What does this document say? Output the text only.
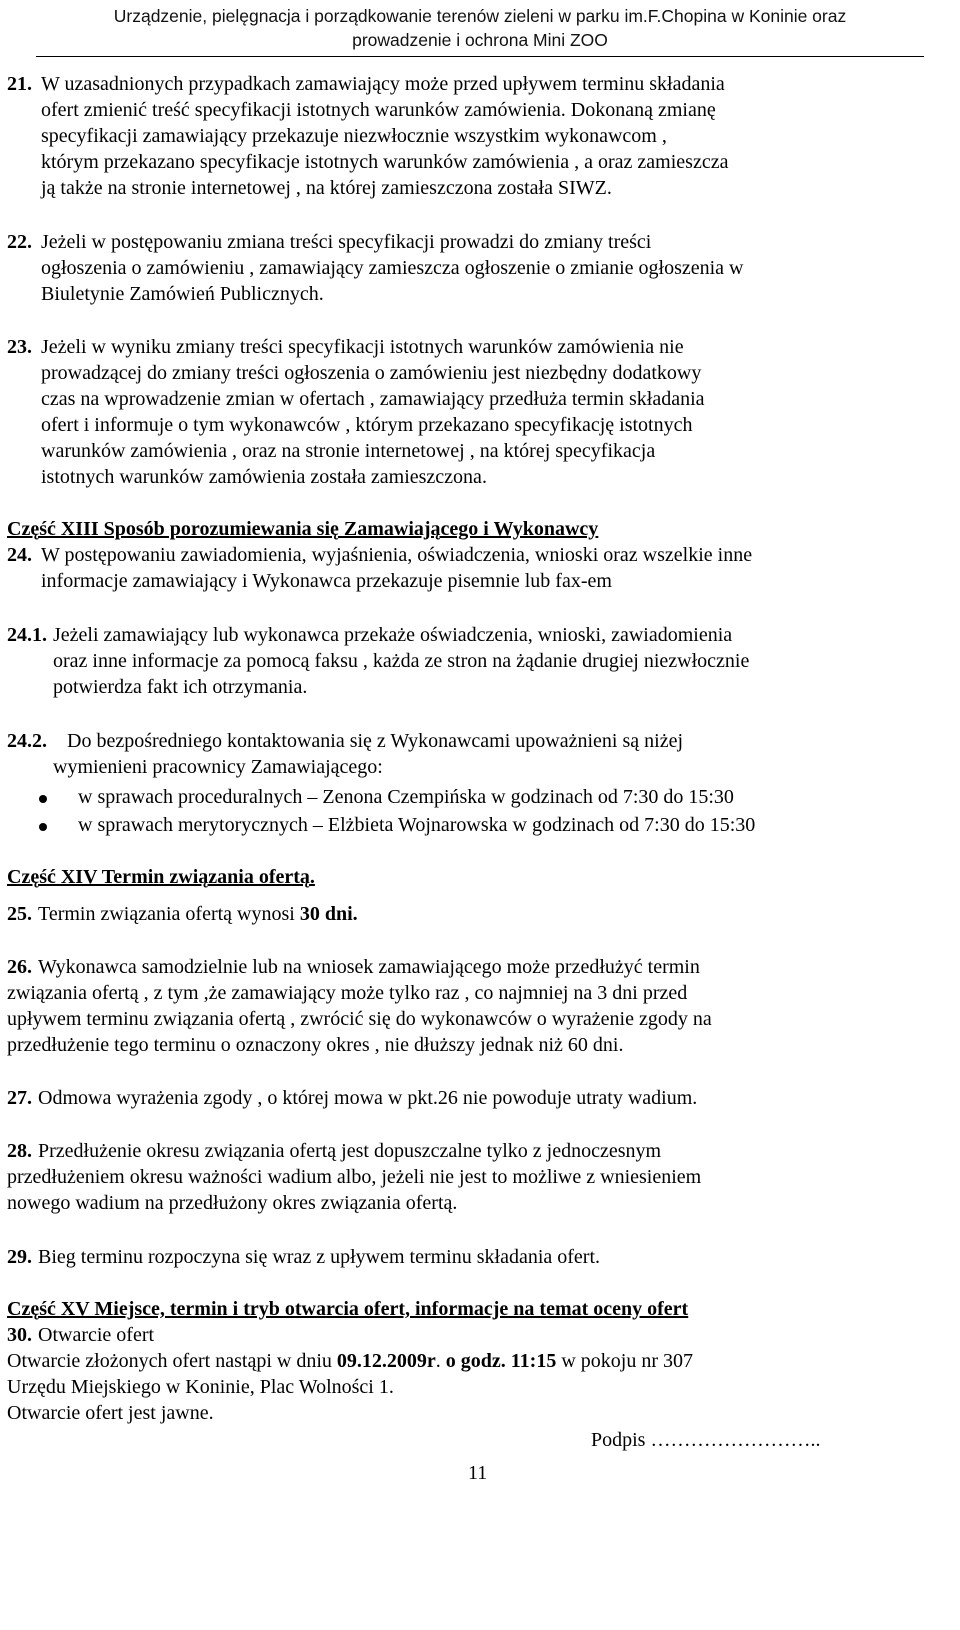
Urządzenie, pielęgnacja i porządkowanie terenów zieleni w parku im.F.Chopina w Koninie oraz
prowadzenie i ochrona Mini ZOO
21. W uzasadnionych przypadkach zamawiający może przed upływem terminu składania
ofert zmienić treść specyfikacji istotnych warunków zamówienia. Dokonaną zmianę
specyfikacji zamawiający przekazuje niezwłocznie wszystkim wykonawcom ,
którym przekazano specyfikacje istotnych warunków zamówienia , a oraz zamieszcza
ją także na stronie internetowej , na której zamieszczona została SIWZ.
22. Jeżeli w postępowaniu zmiana treści specyfikacji prowadzi do zmiany treści
ogłoszenia o zamówieniu , zamawiający zamieszcza ogłoszenie o zmianie ogłoszenia w
Biuletynie Zamówień Publicznych.
23. Jeżeli w wyniku zmiany treści specyfikacji istotnych warunków zamówienia nie
prowadzącej do zmiany treści ogłoszenia o zamówieniu jest niezbędny dodatkowy
czas na wprowadzenie zmian w ofertach , zamawiający przedłuża termin składania
ofert i informuje o tym wykonawców , którym przekazano specyfikację istotnych
warunków zamówienia , oraz na stronie internetowej , na której specyfikacja
istotnych warunków zamówienia została zamieszczona.
Część XIII Sposób porozumiewania się Zamawiającego i Wykonawcy
24. W postępowaniu zawiadomienia, wyjaśnienia, oświadczenia, wnioski oraz wszelkie inne
informacje zamawiający i Wykonawca przekazuje pisemnie lub fax-em
24.1. Jeżeli zamawiający lub wykonawca przekaże oświadczenia, wnioski, zawiadomienia
oraz inne informacje za pomocą faksu , każda ze stron na żądanie drugiej niezwłocznie
potwierdza fakt ich otrzymania.
24.2. Do bezpośredniego kontaktowania się z Wykonawcami upoważnieni są niżej
wymienieni pracownicy Zamawiającego:
w sprawach proceduralnych – Zenona Czempińska w godzinach od 7:30 do 15:30
w sprawach merytorycznych – Elżbieta Wojnarowska w godzinach od 7:30 do 15:30
Część XIV Termin związania ofertą.
25. Termin związania ofertą wynosi 30 dni.
26. Wykonawca samodzielnie lub na wniosek zamawiającego może przedłużyć termin
związania ofertą , z tym ,że zamawiający może tylko raz , co najmniej na 3 dni przed
upływem terminu związania ofertą , zwrócić się do wykonawców o wyrażenie zgody na
przedłużenie tego terminu o oznaczony okres , nie dłuższy jednak niż 60 dni.
27. Odmowa wyrażenia zgody , o której mowa w pkt.26 nie powoduje utraty wadium.
28. Przedłużenie okresu związania ofertą jest dopuszczalne tylko z jednoczesnym
przedłużeniem okresu ważności wadium albo, jeżeli nie jest to możliwe z wniesieniem
nowego wadium na przedłużony okres związania ofertą.
29. Bieg terminu rozpoczyna się wraz z upływem terminu składania ofert.
Część XV Miejsce, termin i tryb otwarcia ofert, informacje na temat oceny ofert
30. Otwarcie ofert
Otwarcie złożonych ofert nastąpi w dniu 09.12.2009r. o godz. 11:15 w pokoju nr 307
Urzędu Miejskiego w Koninie, Plac Wolności 1.
Otwarcie ofert jest jawne.
Podpis ……………………..
11
